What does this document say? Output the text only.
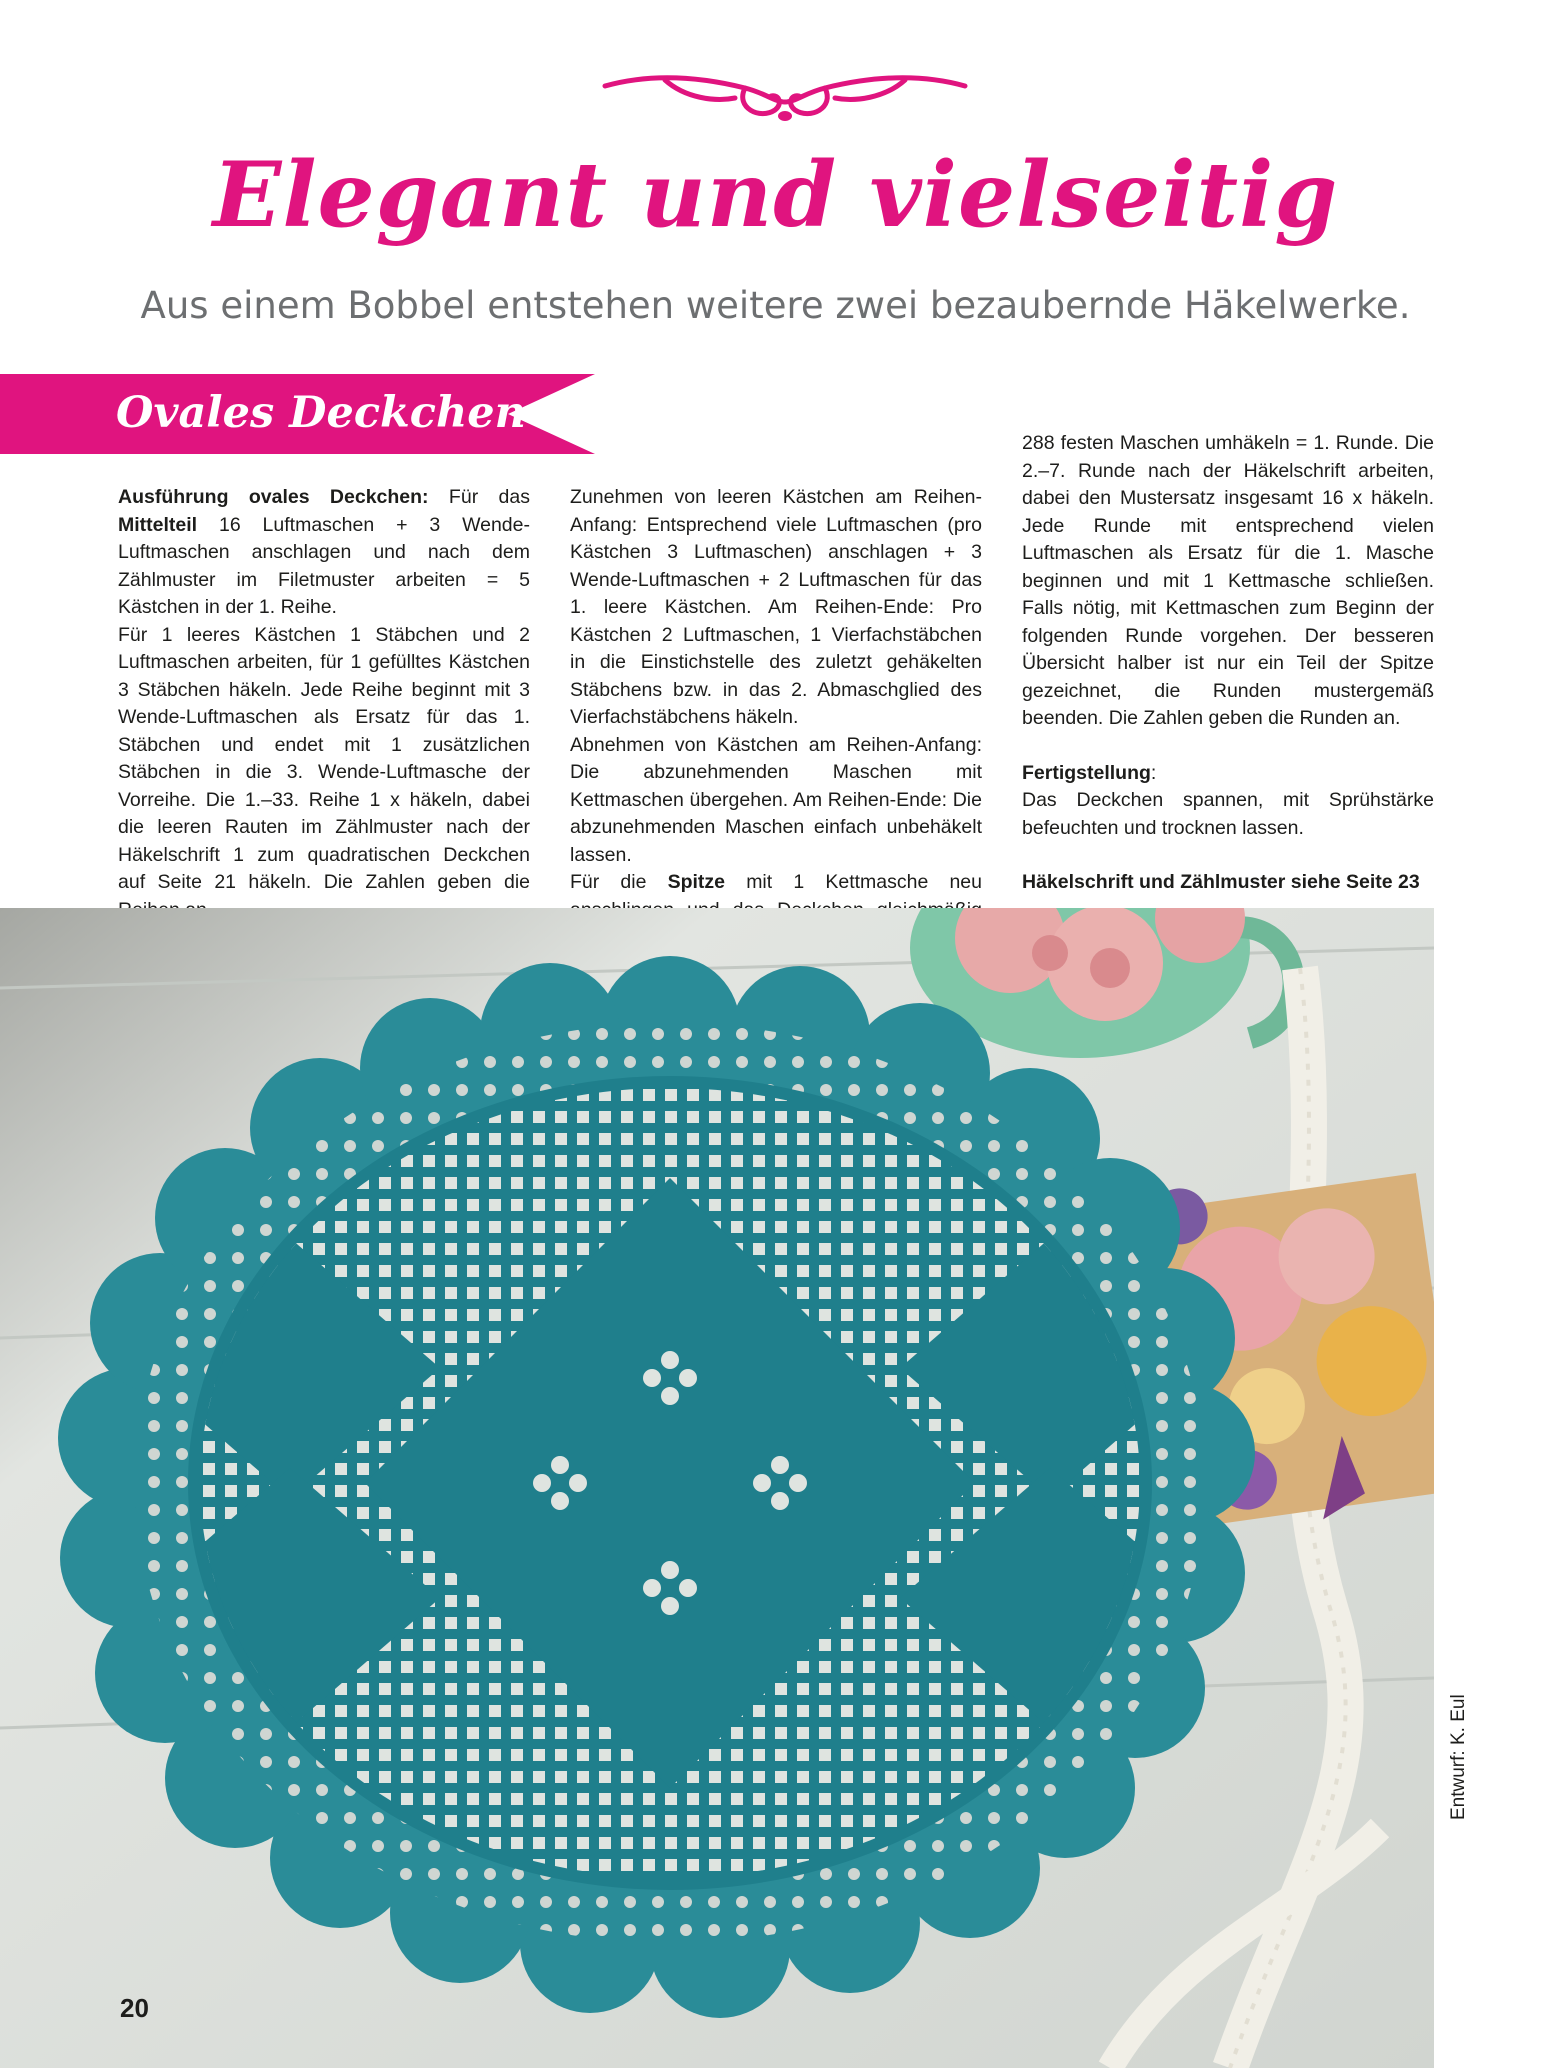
Elegant und vielseitig
Aus einem Bobbel entstehen weitere zwei bezaubernde Häkelwerke.
Ovales Deckchen

Ausführung ovales Deckchen: Für das Mittelteil 16 Luftmaschen + 3 Wende-Luftmaschen anschlagen und nach dem Zählmuster im Filetmuster arbeiten = 5 Kästchen in der 1. Reihe.

Für 1 leeres Kästchen 1 Stäbchen und 2 Luftmaschen arbeiten, für 1 gefülltes Kästchen 3 Stäbchen häkeln. Jede Reihe beginnt mit 3 Wende-Luftmaschen als Ersatz für das 1. Stäbchen und endet mit 1 zusätzlichen Stäbchen in die 3. Wende-Luftmasche der Vorreihe. Die 1.–33. Reihe 1 x häkeln, dabei die leeren Rauten im Zählmuster nach der Häkelschrift 1 zum quadratischen Deckchen auf Seite 21 häkeln. Die Zahlen geben die

Zunehmen von leeren Kästchen am Reihen-Anfang: Entsprechend viele Luftmaschen (pro Kästchen 3 Luftmaschen) anschlagen + 3 Wende-Luftmaschen + 2 Luftmaschen für das 1. leere Kästchen. Am Reihen-Ende: Pro Kästchen 2 Luftmaschen, 1 Vierfachstäbchen in die Einstichstelle des zuletzt gehäkelten Stäbchens bzw. in das 2. Abmaschglied des Vierfachstäbchens häkeln.

Abnehmen von Kästchen am Reihen-Anfang: Die abzunehmenden Maschen mit Kettmaschen übergehen. Am Reihen-Ende: Die abzunehmenden Maschen einfach unbehäkelt lassen.

Für die Spitze mit 1 Kettmasche neu

288 festen Maschen umhäkeln = 1. Runde. Die 2.–7. Runde nach der Häkelschrift arbeiten, dabei den Mustersatz insgesamt 16 x häkeln. Jede Runde mit entsprechend vielen Luftmaschen als Ersatz für die 1. Masche beginnen und mit 1 Kettmasche schließen. Falls nötig, mit Kettmaschen zum Beginn der folgenden Runde vorgehen. Der besseren Übersicht halber ist nur ein Teil der Spitze gezeichnet, die Runden mustergemäß beenden. Die Zahlen geben die Runden an.

Fertigstellung:

Das Deckchen spannen, mit Sprühstärke befeuchten und trocknen lassen.

Häkelschrift und Zählmuster siehe Seite 23

Entwurf: K. Eul
20
